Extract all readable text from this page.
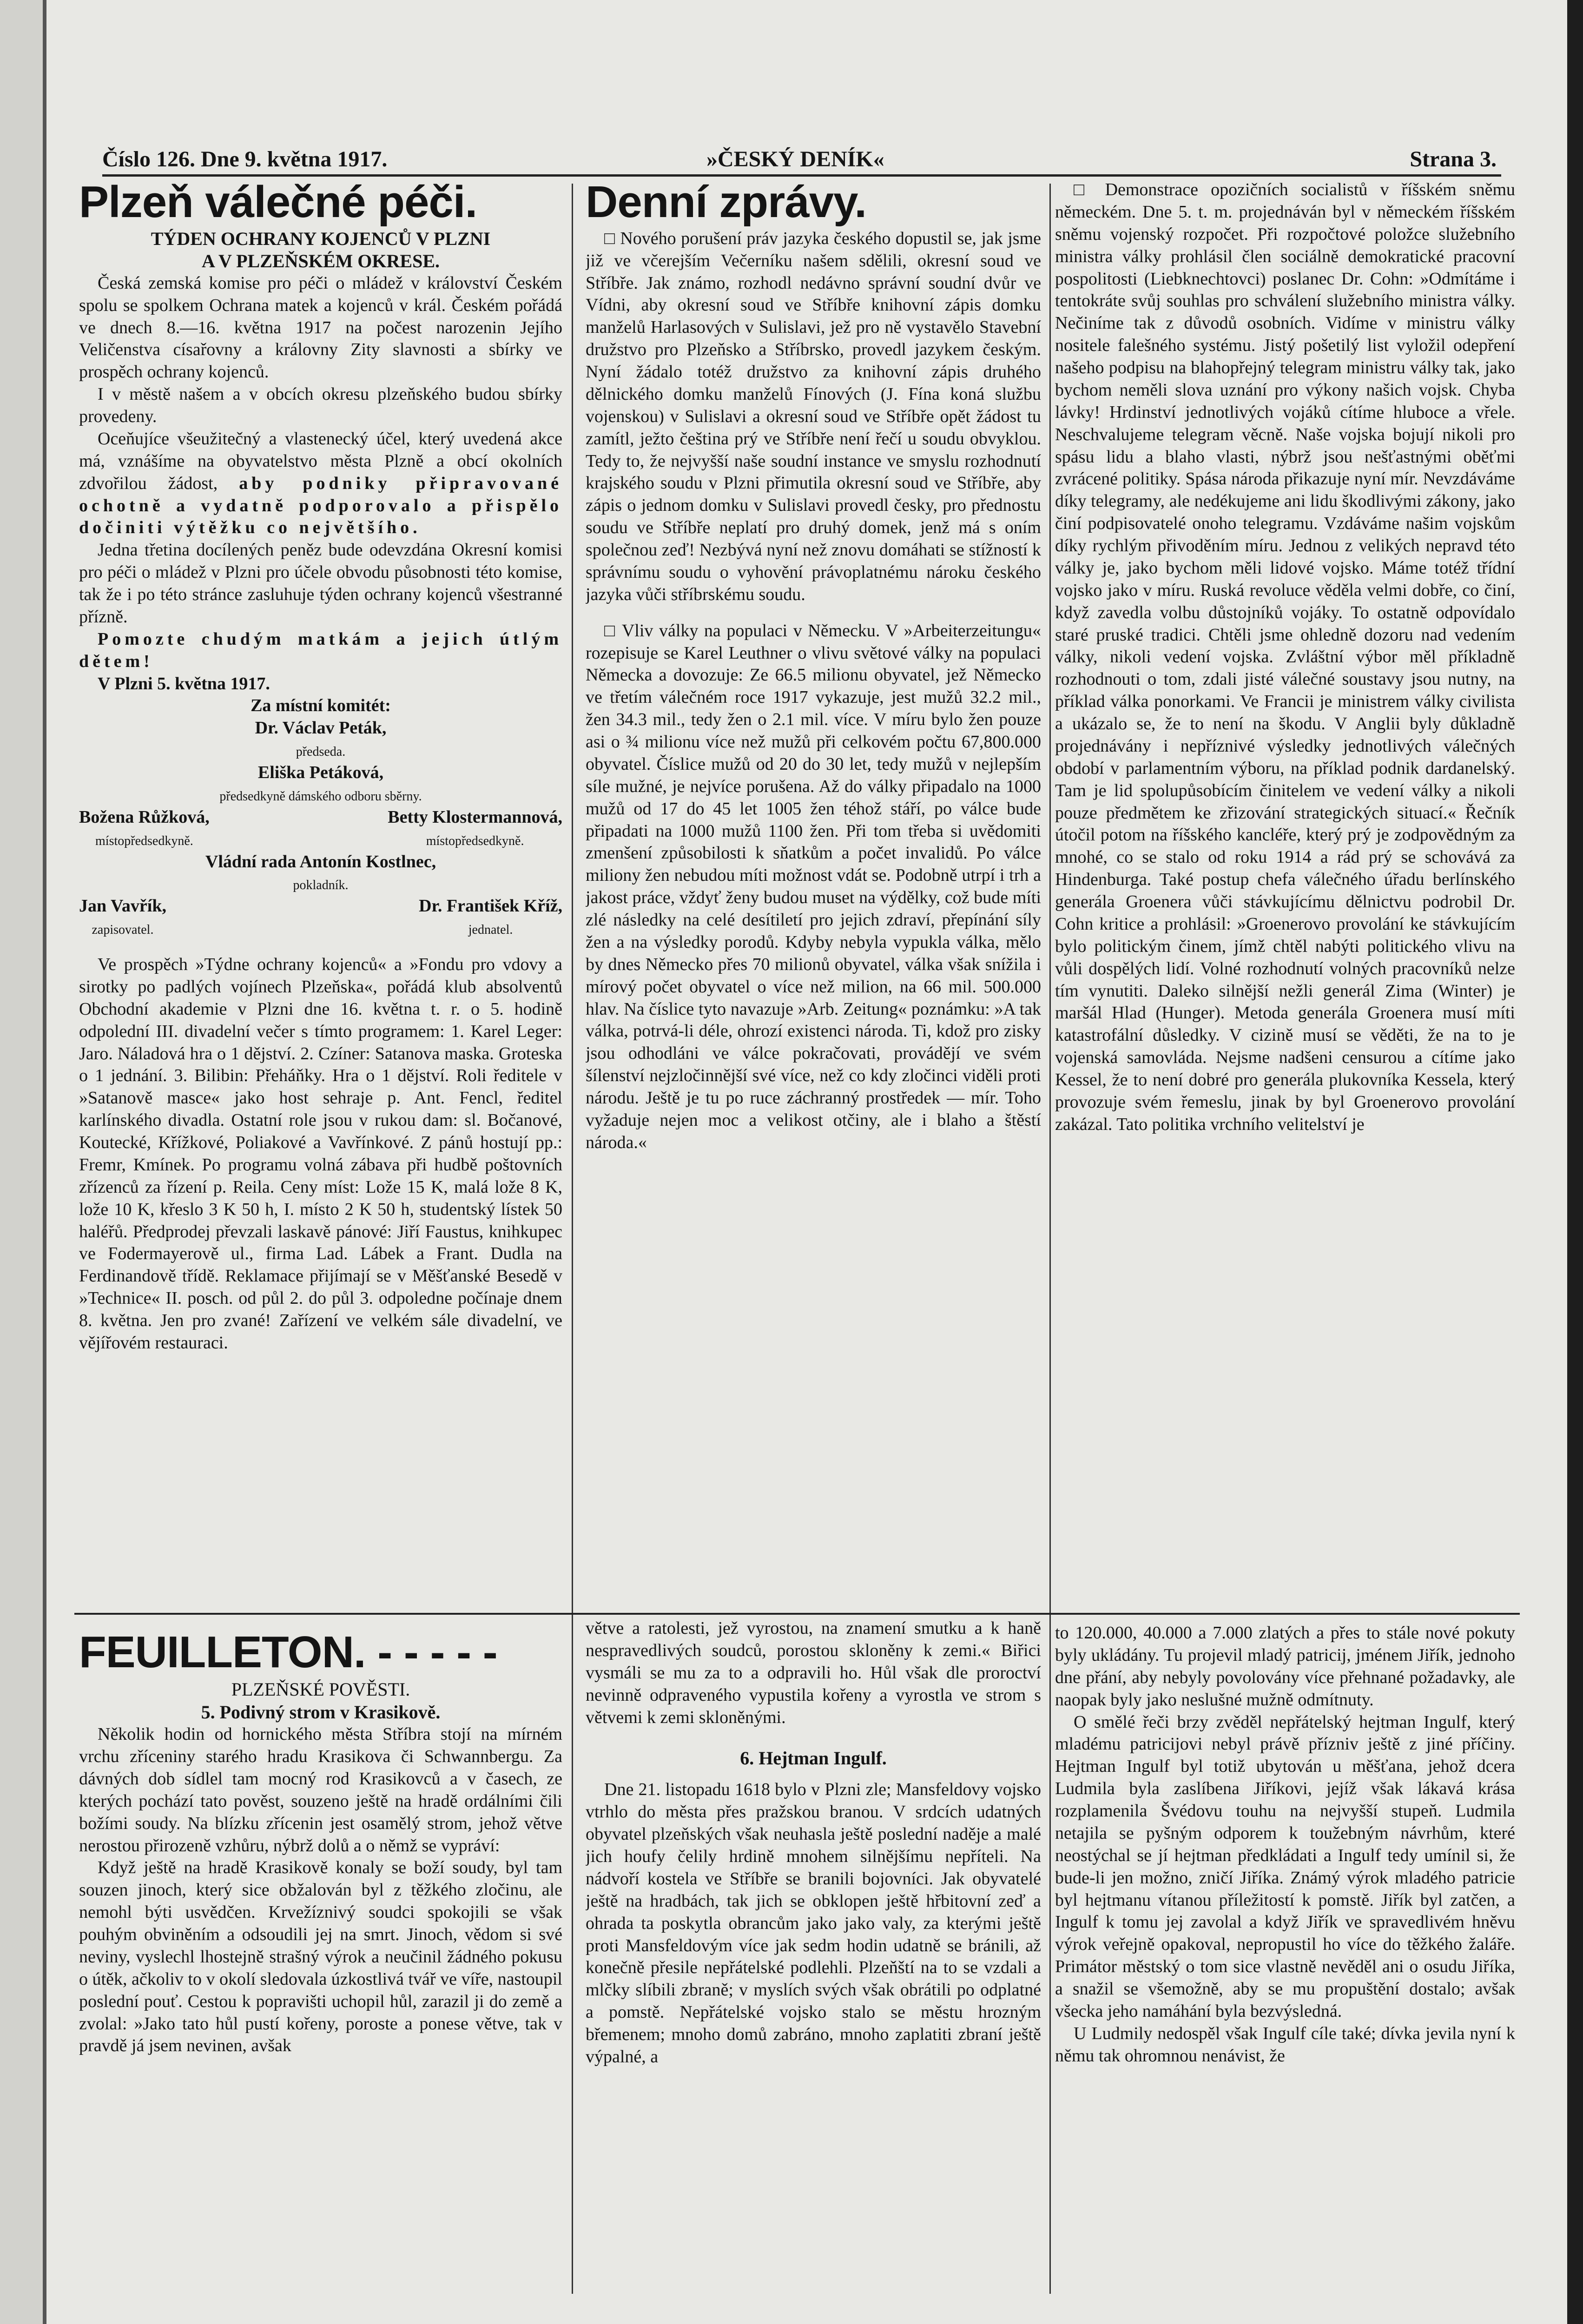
Číslo 126. Dne 9. května 1917.	»ČESKÝ DENÍK«	Strana 3.
Plzeň válečné péči.
TÝDEN OCHRANY KOJENCŮ V PLZNI
A V PLZEŇSKÉM OKRESE.

Česká zemská komise pro péči o mládež v království Českém spolu se spolkem Ochrana matek a kojenců v král. Českém pořádá ve dnech 8.—16. května 1917 na počest narozenin Jejího Veličenstva císařovny a královny Zity slavnosti a sbírky ve prospěch ochrany kojenců.

I v městě našem a v obcích okresu plzeňského budou sbírky provedeny.

Oceňujíce všeužitečný a vlastenecký účel, který uvedená akce má, vznášíme na obyvatelstvo města Plzně a obcí okolních zdvořilou žádost, aby podniky připravované ochotně a vydatně podporovalo a přispělo dočiniti výtěžku co největšího.

Jedna třetina docílených peněz bude odevzdána Okresní komisi pro péči o mládež v Plzni pro účele obvodu působnosti této komise, tak že i po této stránce zasluhuje týden ochrany kojenců všestranné přízně.

Pomozte chudým matkám a jejich útlým dětem!

V Plzni 5. května 1917.

Za místní komitét:

Dr. Václav Peták,
předseda.

Eliška Petáková,
předsedkyně dámského odboru sběrny.

Božena Růžková,
místopředsedkyně.
Betty Klostermannová,
místopředsedkyně.

Vládní rada Antonín Kostlnec,
pokladník.

Jan Vavřík,
zapisovatel.
Dr. František Kříž,
jednatel.

Ve prospěch »Týdne ochrany kojenců« a »Fondu pro vdovy a sirotky po padlých vojínech Plzeňska«, pořádá klub absolventů Obchodní akademie v Plzni dne 16. května t. r. o 5. hodině odpolední III. divadelní večer s tímto programem: 1. Karel Leger: Jaro. Náladová hra o 1 dějství. 2. Czíner: Satanova maska. Groteska o 1 jednání. 3. Bilibin: Přeháňky. Hra o 1 dějství. Roli ředitele v »Satanově masce« jako host sehraje p. Ant. Fencl, ředitel karlínského divadla. Ostatní role jsou v rukou dam: sl. Bočanové, Koutecké, Křížkové, Poliakové a Vavřínkové. Z pánů hostují pp.: Fremr, Kmínek. Po programu volná zábava při hudbě poštovních zřízenců za řízení p. Reila. Ceny míst: Lože 15 K, malá lože 8 K, lože 10 K, křeslo 3 K 50 h, I. místo 2 K 50 h, studentský lístek 50 haléřů. Předprodej převzali laskavě pánové: Jiří Faustus, knihkupec ve Fodermayerově ul., firma Lad. Lábek a Frant. Dudla na Ferdinandově třídě. Reklamace přijímají se v Měšťanské Besedě v »Technice« II. posch. od půl 2. do půl 3. odpoledne počínaje dnem 8. května. Jen pro zvané! Zařízení ve velkém sále divadelní, ve vějířovém restauraci.

Denní zprávy.

□ Nového porušení práv jazyka českého dopustil se, jak jsme již ve včerejším Večerníku našem sdělili, okresní soud ve Stříbře. Jak známo, rozhodl nedávno správní soudní dvůr ve Vídni, aby okresní soud ve Stříbře knihovní zápis domku manželů Harlasových v Sulislavi, jež pro ně vystavělo Stavební družstvo pro Plzeňsko a Stříbrsko, provedl jazykem českým. Nyní žádalo totéž družstvo za knihovní zápis druhého dělnického domku manželů Fínových (J. Fína koná službu vojenskou) v Sulislavi a okresní soud ve Stříbře opět žádost tu zamítl, ježto čeština prý ve Stříbře není řečí u soudu obvyklou. Tedy to, že nejvyšší naše soudní instance ve smyslu rozhodnutí krajského soudu v Plzni přimutila okresní soud ve Stříbře, aby zápis o jednom domku v Sulislavi provedl česky, pro přednostu soudu ve Stříbře neplatí pro druhý domek, jenž má s oním společnou zeď! Nezbývá nyní než znovu domáhati se stížností k správnímu soudu o vyhovění právoplatnému nároku českého jazyka vůči stříbrskému soudu.

□ Vliv války na populaci v Německu. V »Arbeiterzeitungu« rozepisuje se Karel Leuthner o vlivu světové války na populaci Německa a dovozuje: Ze 66.5 milionu obyvatel, jež Německo ve třetím válečném roce 1917 vykazuje, jest mužů 32.2 mil., žen 34.3 mil., tedy žen o 2.1 mil. více. V míru bylo žen pouze asi o ¾ milionu více než mužů při celkovém počtu 67,800.000 obyvatel. Číslice mužů od 20 do 30 let, tedy mužů v nejlepším síle mužné, je nejvíce porušena. Až do války připadalo na 1000 mužů od 17 do 45 let 1005 žen téhož stáří, po válce bude připadati na 1000 mužů 1100 žen. Při tom třeba si uvědomiti zmenšení způsobilosti k sňatkům a počet invalidů. Po válce miliony žen nebudou míti možnost vdát se. Podobně utrpí i trh a jakost práce, vždyť ženy budou muset na výdělky, což bude míti zlé následky na celé desítiletí pro jejich zdraví, přepínání síly žen a na výsledky porodů. Kdyby nebyla vypukla válka, mělo by dnes Německo přes 70 milionů obyvatel, válka však snížila i mírový počet obyvatel o více než milion, na 66 mil. 500.000 hlav. Na číslice tyto navazuje »Arb. Zeitung« poznámku: »A tak válka, potrvá-li déle, ohrozí existenci národa. Ti, kdož pro zisky jsou odhodláni ve válce pokračovati, provádějí ve svém šílenství nejzločinnější své více, než co kdy zločinci viděli proti národu. Ještě je tu po ruce záchranný prostředek — mír. Toho vyžaduje nejen moc a velikost otčiny, ale i blaho a štěstí národa.«

□ Demonstrace opozičních socialistů v říšském sněmu německém. Dne 5. t. m. projednáván byl v německém říšském sněmu vojenský rozpočet. Při rozpočtové položce služebního ministra války prohlásil člen sociálně demokratické pracovní pospolitosti (Liebknechtovci) poslanec Dr. Cohn: »Odmítáme i tentokráte svůj souhlas pro schválení služebního ministra války. Nečiníme tak z důvodů osobních. Vidíme v ministru války nositele falešného systému. Jistý pošetilý list vyložil odepření našeho podpisu na blahopřejný telegram ministru války tak, jako bychom neměli slova uznání pro výkony našich vojsk. Chyba lávky! Hrdinství jednotlivých vojáků cítíme hluboce a vřele. Neschvalujeme telegram věcně. Naše vojska bojují nikoli pro spásu lidu a blaho vlasti, nýbrž jsou nešťastnými oběťmi zvrácené politiky. Spása národa přikazuje nyní mír. Nevzdáváme díky telegramy, ale nedékujeme ani lidu škodlivými zákony, jako činí podpisovatelé onoho telegramu. Vzdáváme našim vojskům díky rychlým přivoděním míru. Jednou z velikých nepravd této války je, jako bychom měli lidové vojsko. Máme totéž třídní vojsko jako v míru. Ruská revoluce věděla velmi dobře, co činí, když zavedla volbu důstojníků vojáky. To ostatně odpovídalo staré pruské tradici. Chtěli jsme ohledně dozoru nad vedením války, nikoli vedení vojska. Zvláštní výbor měl příkladně rozhodnouti o tom, zdali jisté válečné soustavy jsou nutny, na příklad válka ponorkami. Ve Francii je ministrem války civilista a ukázalo se, že to není na škodu. V Anglii byly důkladně projednávány i nepříznivé výsledky jednotlivých válečných období v parlamentním výboru, na příklad podnik dardanelský. Tam je lid spolupůsobícím činitelem ve vedení války a nikoli pouze předmětem ke zřizování strategických situací.« Řečník útočil potom na říšského kancléře, který prý je zodpovědným za mnohé, co se stalo od roku 1914 a rád prý se schovává za Hindenburga. Také postup chefa válečného úřadu berlínského generála Groenera vůči stávkujícímu dělnictvu podrobil Dr. Cohn kritice a prohlásil: »Groenerovo provolání ke stávkujícím bylo politickým činem, jímž chtěl nabýti politického vlivu na vůli dospělých lidí. Volné rozhodnutí volných pracovníků nelze tím vynutiti. Daleko silnější nežli generál Zima (Winter) je maršál Hlad (Hunger). Metoda generála Groenera musí míti katastrofální důsledky. V cizině musí se věděti, že na to je vojenská samovláda. Nejsme nadšeni censurou a cítíme jako Kessel, že to není dobré pro generála plukovníka Kessela, který provozuje svém řemeslu, jinak by byl Groenerovo provolání zakázal. Tato politika vrchního velitelství je

FEUILLETON. - - - - -
PLZEŇSKÉ POVĚSTI.
5. Podivný strom v Krasikově.

Několik hodin od hornického města Stříbra stojí na mírném vrchu zříceniny starého hradu Krasikova či Schwannbergu. Za dávných dob sídlel tam mocný rod Krasikovců a v časech, ze kterých pochází tato pověst, souzeno ještě na hradě ordálními čili božími soudy. Na blízku zřícenin jest osamělý strom, jehož větve nerostou přirozeně vzhůru, nýbrž dolů a o němž se vypráví:

Když ještě na hradě Krasikově konaly se boží soudy, byl tam souzen jinoch, který sice obžalován byl z těžkého zločinu, ale nemohl býti usvědčen. Krvežíznivý soudci spokojili se však pouhým obviněním a odsoudili jej na smrt. Jinoch, vědom si své neviny, vyslechl lhostejně strašný výrok a neučinil žádného pokusu o útěk, ačkoliv to v okolí sledovala úzkostlivá tvář ve víře, nastoupil poslední pouť. Cestou k popravišti uchopil hůl, zarazil ji do země a zvolal: »Jako tato hůl pustí kořeny, poroste a ponese větve, tak v pravdě já jsem nevinen, avšak

větve a ratolesti, jež vyrostou, na znamení smutku a k haně nespravedlivých soudců, porostou skloněny k zemi.« Biřici vysmáli se mu za to a odpravili ho. Hůl však dle proroctví nevinně odpraveného vypustila kořeny a vyrostla ve strom s větvemi k zemi skloněnými.

6. Hejtman Ingulf.

Dne 21. listopadu 1618 bylo v Plzni zle; Mansfeldovy vojsko vtrhlo do města přes pražskou branou. V srdcích udatných obyvatel plzeňských však neuhasla ještě poslední naděje a malé jich houfy čelily hrdině mnohem silnějšímu nepříteli. Na nádvoří kostela ve Stříbře se branili bojovníci. Jak obyvatelé ještě na hradbách, tak jich se obklopen ještě hřbitovní zeď a ohrada ta poskytla obrancům jako jako valy, za kterými ještě proti Mansfeldovým více jak sedm hodin udatně se bránili, až konečně přesile nepřátelské podlehli. Plzeňští na to se vzdali a mlčky slíbili zbraně; v myslích svých však obrátili po odplatné a pomstě. Nepřátelské vojsko stalo se městu hrozným břemenem; mnoho domů zabráno, mnoho zaplatiti zbraní ještě výpalné, a

to 120.000, 40.000 a 7.000 zlatých a přes to stále nové pokuty byly ukládány. Tu projevil mladý patricij, jménem Jiřík, jednoho dne přání, aby nebyly povolovány více přehnané požadavky, ale naopak byly jako neslušné mužně odmítnuty.

O smělé řeči brzy zvěděl nepřátelský hejtman Ingulf, který mladému patricijovi nebyl právě přízniv ještě z jiné příčiny. Hejtman Ingulf byl totiž ubytován u měšťana, jehož dcera Ludmila byla zaslíbena Jiříkovi, jejíž však lákavá krása rozplamenila Švédovu touhu na nejvyšší stupeň. Ludmila netajila se pyšným odporem k toužebným návrhům, které neostýchal se jí hejtman předkládati a Ingulf tedy umínil si, že bude-li jen možno, zničí Jiříka. Známý výrok mladého patricie byl hejtmanu vítanou příležitostí k pomstě. Jiřík byl zatčen, a Ingulf k tomu jej zavolal a když Jiřík ve spravedlivém hněvu výrok veřejně opakoval, nepropustil ho více do těžkého žaláře. Primátor městský o tom sice vlastně nevěděl ani o osudu Jiříka, a snažil se všemožně, aby se mu propuštění dostalo; avšak všecka jeho namáhání byla bezvýsledná.

U Ludmily nedospěl však Ingulf cíle také; dívka jevila nyní k němu tak ohromnou nenávist, že
